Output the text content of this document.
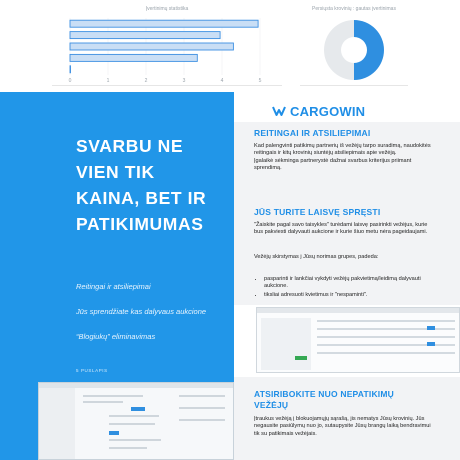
Įvertinimų statistika
0	1	2	3	4	5
Persiųsta krovinių : gautas įvertinimas
SVARBU NE
VIEN TIK
KAINA, BET IR
PATIKIMUMAS
Reitingai ir atsiliepimai
Jūs sprendžiate kas dalyvaus aukcione
“Blogiukų” eliminavimas
5 PUSLAPIS
CARGOWIN
REITINGAI IR ATSILIEPIMAI
Kad palengvinti patikimų partnerių iš vežėjų tarpo suradimą, naudokitės reitingais ir kitų krovinių siuntėjų atsiliepimais apie vežėją.
Įgalaikė sėkminga partnerystė dažnai svarbus kriterijus priimant sprendimą.
JŪS TURITE LAISVĘ SPRĘSTI
"Žaiskite pagal savo taisykles" turėdami laisvę pasirinkti vežėjus, kurie bus pakviesti dalyvauti aukcione ir kurie šiuo metu nėra pageidaujami.
Vežėjų skirstymas į Jūsų norimas grupes, padeda:
• pasparinti ir lankčiai vykdyti vežėjų pakvietimą/leidimą dalyvauti aukcione.
• tiksliai adresuoti kvietimus ir "nespaminti".
ATSIRIBOKITE NUO NEPATIKIMŲ
VEŽĖJŲ
Įtraukus vežėją į blokuojamųjų sąrašą, jis nematys Jūsų krovinių. Jūs negausite pasiūlymų nuo jo, sutaupysite Jūsų brangų laiką bendravimui tik su patikimais vežėjais.
